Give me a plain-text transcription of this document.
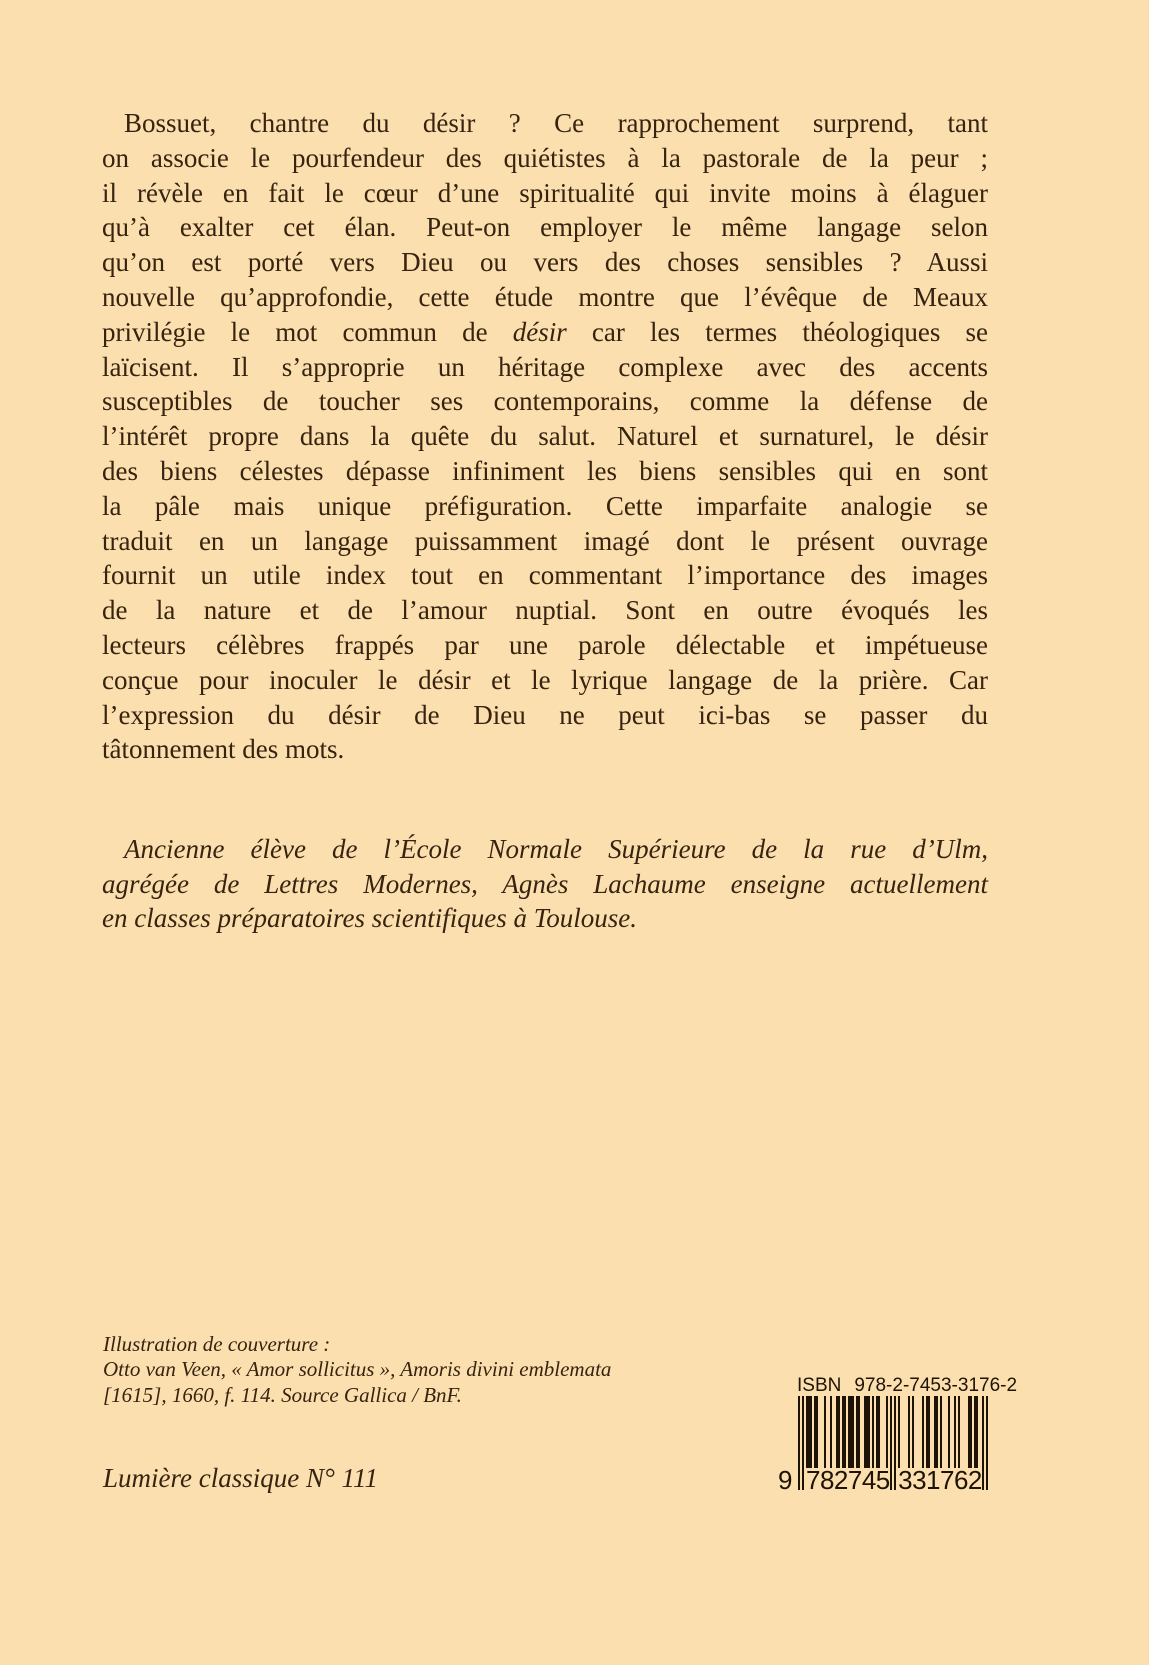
Bossuet, chantre du désir ? Ce rapprochement surprend, tant
on associe le pourfendeur des quiétistes à la pastorale de la peur ;
il révèle en fait le cœur d’une spiritualité qui invite moins à élaguer
qu’à exalter cet élan. Peut-on employer le même langage selon
qu’on est porté vers Dieu ou vers des choses sensibles ? Aussi
nouvelle qu’approfondie, cette étude montre que l’évêque de Meaux
privilégie le mot commun de désir car les termes théologiques se
laïcisent. Il s’approprie un héritage complexe avec des accents
susceptibles de toucher ses contemporains, comme la défense de
l’intérêt propre dans la quête du salut. Naturel et surnaturel, le désir
des biens célestes dépasse infiniment les biens sensibles qui en sont
la pâle mais unique préfiguration. Cette imparfaite analogie se
traduit en un langage puissamment imagé dont le présent ouvrage
fournit un utile index tout en commentant l’importance des images
de la nature et de l’amour nuptial. Sont en outre évoqués les
lecteurs célèbres frappés par une parole délectable et impétueuse
conçue pour inoculer le désir et le lyrique langage de la prière. Car
l’expression du désir de Dieu ne peut ici-bas se passer du
tâtonnement des mots.
Ancienne élève de l’École Normale Supérieure de la rue d’Ulm,
agrégée de Lettres Modernes, Agnès Lachaume enseigne actuellement
en classes préparatoires scientifiques à Toulouse.
Illustration de couverture :
Otto van Veen, « Amor sollicitus », Amoris divini emblemata
[1615], 1660, f. 114. Source Gallica / BnF.
Lumière classique N° 111
ISBN 978-2-7453-3176-2
9 782745 331762
